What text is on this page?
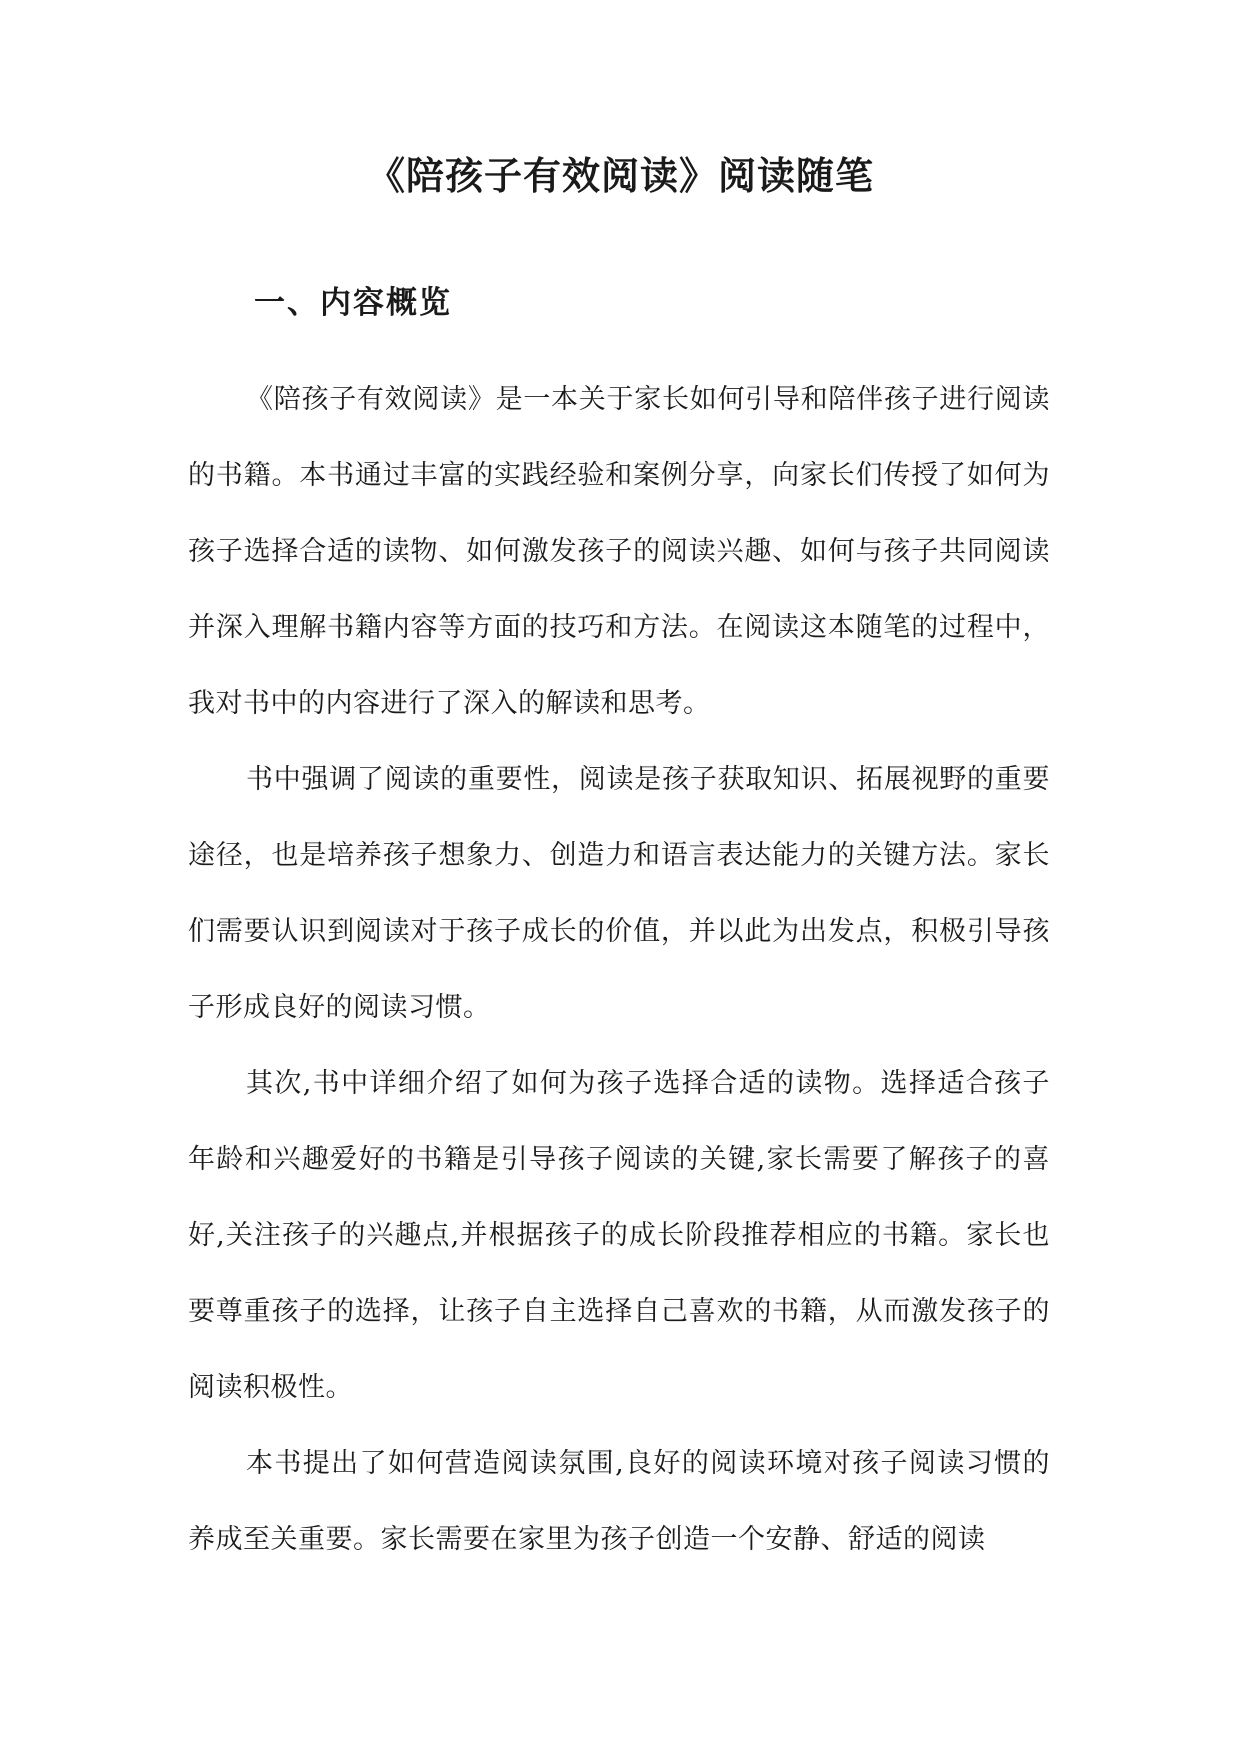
《陪孩子有效阅读》阅读随笔
一、内容概览

《陪孩子有效阅读》是一本关于家长如何引导和陪伴孩子进行阅读的书籍。本书通过丰富的实践经验和案例分享，向家长们传授了如何为孩子选择合适的读物、如何激发孩子的阅读兴趣、如何与孩子共同阅读并深入理解书籍内容等方面的技巧和方法。在阅读这本随笔的过程中，我对书中的内容进行了深入的解读和思考。

书中强调了阅读的重要性，阅读是孩子获取知识、拓展视野的重要途径，也是培养孩子想象力、创造力和语言表达能力的关键方法。家长们需要认识到阅读对于孩子成长的价值，并以此为出发点，积极引导孩子形成良好的阅读习惯。

其次,书中详细介绍了如何为孩子选择合适的读物。选择适合孩子年龄和兴趣爱好的书籍是引导孩子阅读的关键,家长需要了解孩子的喜好,关注孩子的兴趣点,并根据孩子的成长阶段推荐相应的书籍。家长也要尊重孩子的选择，让孩子自主选择自己喜欢的书籍，从而激发孩子的阅读积极性。

本书提出了如何营造阅读氛围,良好的阅读环境对孩子阅读习惯的养成至关重要。家长需要在家里为孩子创造一个安静、舒适的阅读
